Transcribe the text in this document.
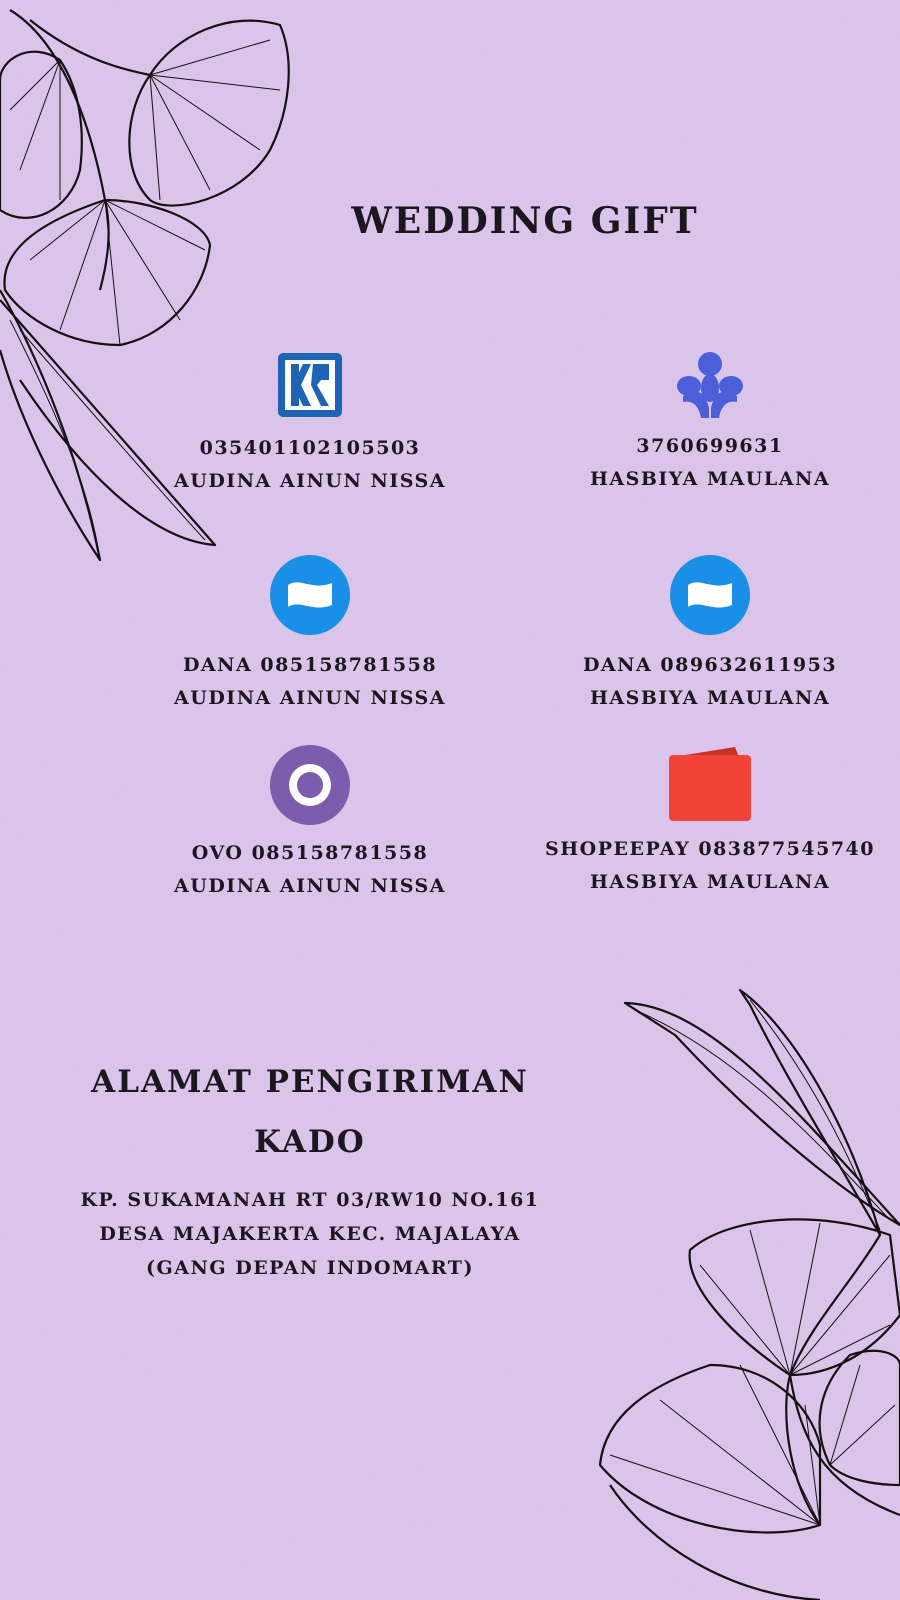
WEDDING GIFT
035401102105503
AUDINA AINUN NISSA
3760699631
HASBIYA MAULANA
DANA 085158781558
AUDINA AINUN NISSA
DANA 089632611953
HASBIYA MAULANA
OVO 085158781558
AUDINA AINUN NISSA
SHOPEEPAY 083877545740
HASBIYA MAULANA
ALAMAT PENGIRIMAN
KADO
KP. SUKAMANAH RT 03/RW10 NO.161
DESA MAJAKERTA KEC. MAJALAYA
(GANG DEPAN INDOMART)
